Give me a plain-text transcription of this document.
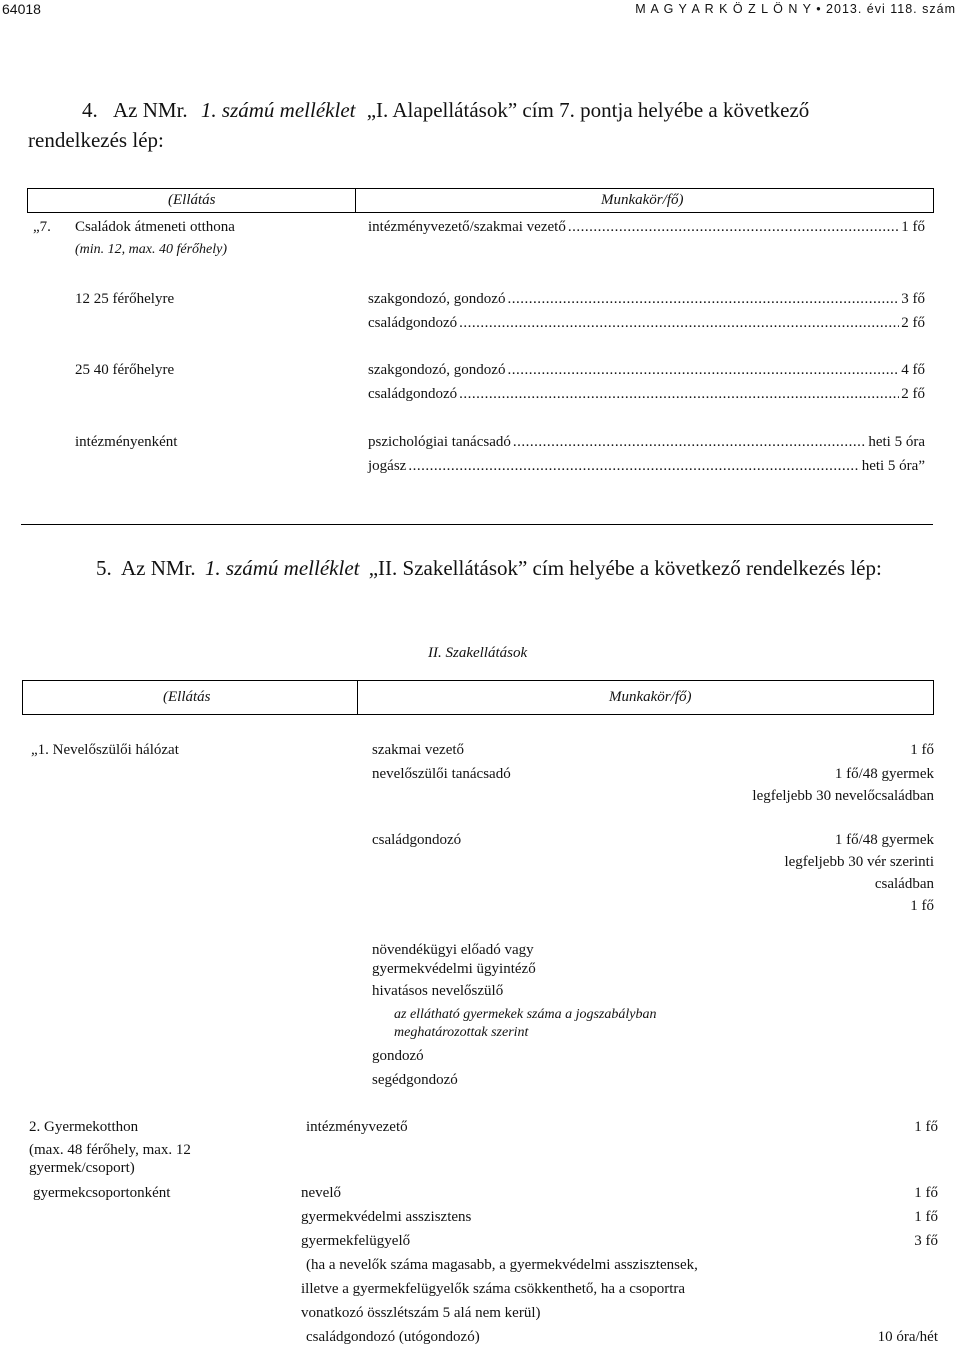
64018	M A G Y A R K Ö Z L Ö N Y • 2013. évi 118. szám
4. Az NMr. 1. számú melléklet „I. Alapellátások” cím 7. pontja helyébe a következő
rendelkezés lép:
(Ellátás	Munkakör/fő)
„7. Családok átmeneti otthona
(min. 12, max. 40 férőhely)
intézményvezető/szakmai vezető .....	1 fő
12 25 férőhelyre	szakgondozó, gondozó .....	3 fő
családgondozó .....	2 fő
25 40 férőhelyre	szakgondozó, gondozó .....	4 fő
családgondozó .....	2 fő
intézményenként	pszichológiai tanácsadó .....	heti 5 óra
jogász .....	heti 5 óra”
5. Az NMr. 1. számú melléklet „II. Szakellátások” cím helyébe a következő rendelkezés lép:
II. Szakellátások
(Ellátás	Munkakör/fő)
„1. Nevelőszülői hálózat	szakmai vezető	1 fő
nevelőszülői tanácsadó	1 fő/48 gyermek
legfeljebb 30 nevelőcsaládban
családgondozó	1 fő/48 gyermek
legfeljebb 30 vér szerinti
családban
1 fő
növendékügyi előadó vagy
gyermekvédelmi ügyintéző
hivatásos nevelőszülő
az ellátható gyermekek száma a jogszabályban
meghatározottak szerint
gondozó
segédgondozó
2. Gyermekotthon
(max. 48 férőhely, max. 12
gyermek/csoport)
intézményvezető	1 fő
gyermekcsoportonként	nevelő	1 fő
gyermekvédelmi asszisztens	1 fő
gyermekfelügyelő	3 fő
(ha a nevelők száma magasabb, a gyermekvédelmi asszisztensek,
illetve a gyermekfelügyelők száma csökkenthető, ha a csoportra
vonatkozó összlétszám 5 alá nem kerül)
családgondozó (utógondozó)	10 óra/hét
